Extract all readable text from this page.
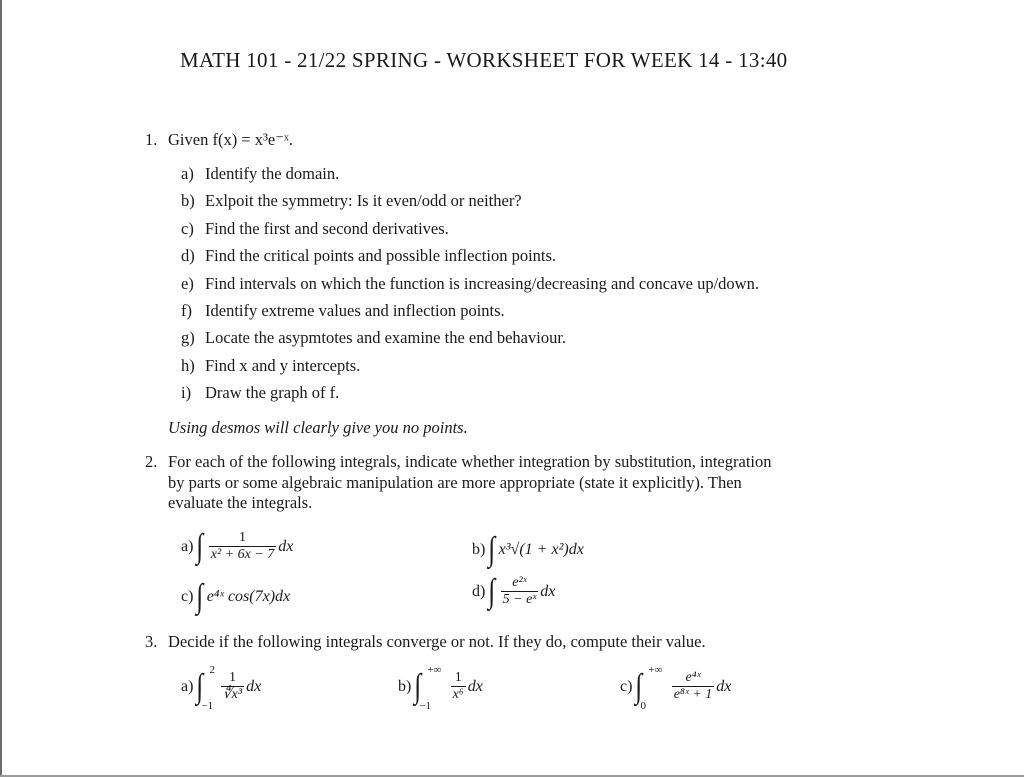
MATH 101 - 21/22 SPRING - WORKSHEET FOR WEEK 14 - 13:40
1. Given f(x) = x³e⁻ˣ.
a) Identify the domain.
b) Exlpoit the symmetry: Is it even/odd or neither?
c) Find the first and second derivatives.
d) Find the critical points and possible inflection points.
e) Find intervals on which the function is increasing/decreasing and concave up/down.
f) Identify extreme values and inflection points.
g) Locate the asypmtotes and examine the end behaviour.
h) Find x and y intercepts.
i) Draw the graph of f.
Using desmos will clearly give you no points.
2. For each of the following integrals, indicate whether integration by substitution, integration
by parts or some algebraic manipulation are more appropriate (state it explicitly). Then
evaluate the integrals.
a) ∫ $\frac{1}{\text{x² + 6x − 7}}$ dx	b) ∫ x³√(1 + x²)dx
c) ∫ e⁴ˣ cos(7x)dx	d) ∫ $\frac{\text{e²ˣ}}{\text{5 − eˣ}}$ dx
3. Decide if the following integrals converge or not. If they do, compute their value.
a) ∫ 2
−1
$\frac{1}{\text{∜x³}}$ dx	b) ∫ +∞
−1
$\frac{1}{\text{x⁶}}$ dx	c) ∫ +∞
0
$\frac{\text{e⁴ˣ}}{\text{e⁸ˣ + 1}}$ dx
